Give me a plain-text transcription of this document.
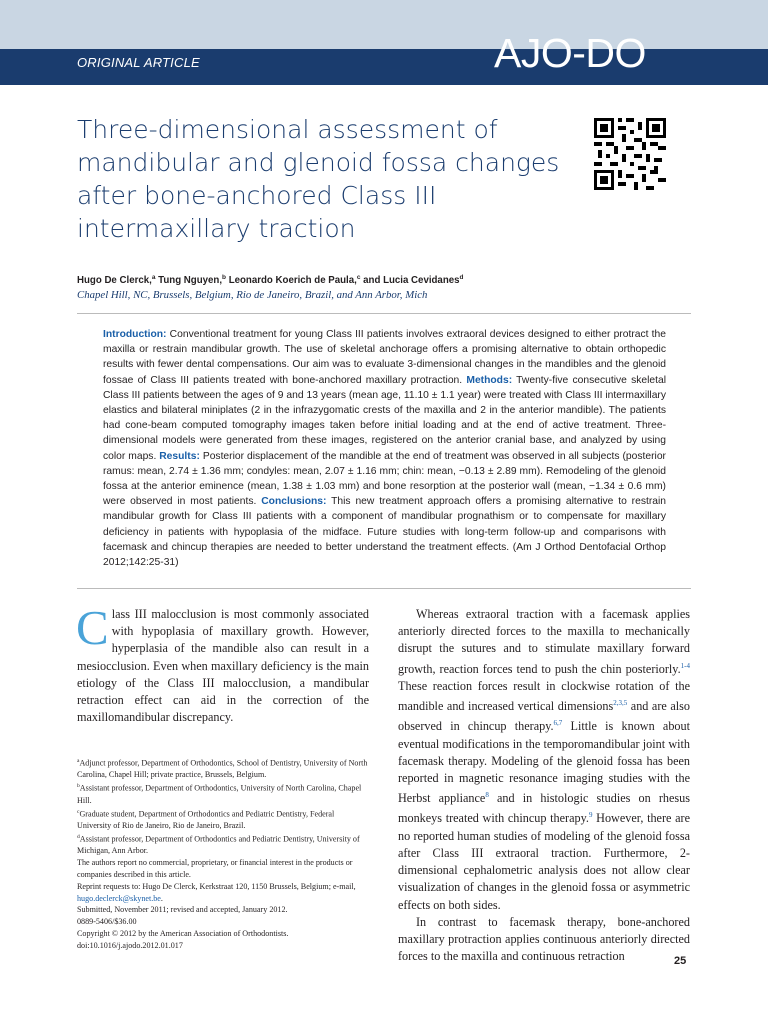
ORIGINAL ARTICLE	AJO-DO
Three-dimensional assessment of mandibular and glenoid fossa changes after bone-anchored Class III intermaxillary traction
Hugo De Clerck,$^a$ Tung Nguyen,$^b$ Leonardo Koerich de Paula,$^c$ and Lucia Cevidanes$^d$
Chapel Hill, NC, Brussels, Belgium, Rio de Janeiro, Brazil, and Ann Arbor, Mich

Introduction: Conventional treatment for young Class III patients involves extraoral devices designed to either protract the maxilla or restrain mandibular growth. The use of skeletal anchorage offers a promising alternative to obtain orthopedic results with fewer dental compensations. Our aim was to evaluate 3-dimensional changes in the mandibles and the glenoid fossae of Class III patients treated with bone-anchored maxillary protraction. Methods: Twenty-five consecutive skeletal Class III patients between the ages of 9 and 13 years (mean age, 11.10 ± 1.1 year) were treated with Class III intermaxillary elastics and bilateral miniplates (2 in the infrazygomatic crests of the maxilla and 2 in the anterior mandible). The patients had cone-beam computed tomography images taken before initial loading and at the end of active treatment. Three-dimensional models were generated from these images, registered on the anterior cranial base, and analyzed by using color maps. Results: Posterior displacement of the mandible at the end of treatment was observed in all subjects (posterior ramus: mean, 2.74 ± 1.36 mm; condyles: mean, 2.07 ± 1.16 mm; chin: mean, −0.13 ± 2.89 mm). Remodeling of the glenoid fossa at the anterior eminence (mean, 1.38 ± 1.03 mm) and bone resorption at the posterior wall (mean, −1.34 ± 0.6 mm) were observed in most patients. Conclusions: This new treatment approach offers a promising alternative to restrain mandibular growth for Class III patients with a component of mandibular prognathism or to compensate for maxillary deficiency in patients with hypoplasia of the midface. Future studies with long-term follow-up and comparisons with facemask and chincup therapies are needed to better understand the treatment effects. (Am J Orthod Dentofacial Orthop 2012;142:25-31)

Class III malocclusion is most commonly associated with hypoplasia of maxillary growth. However, hyperplasia of the mandible also can result in a mesiocclusion. Even when maxillary deficiency is the main etiology of the Class III malocclusion, a mandibular retraction effect can aid in the correction of the maxillomandibular discrepancy.

$^a$Adjunct professor, Department of Orthodontics, School of Dentistry, University of North Carolina, Chapel Hill; private practice, Brussels, Belgium.

$^b$Assistant professor, Department of Orthodontics, University of North Carolina, Chapel Hill.

$^c$Graduate student, Department of Orthodontics and Pediatric Dentistry, Federal University of Rio de Janeiro, Rio de Janeiro, Brazil.

$^d$Assistant professor, Department of Orthodontics and Pediatric Dentistry, University of Michigan, Ann Arbor.

The authors report no commercial, proprietary, or financial interest in the products or companies described in this article.

Reprint requests to: Hugo De Clerck, Kerkstraat 120, 1150 Brussels, Belgium; e-mail, hugo.declerck@skynet.be.

Submitted, November 2011; revised and accepted, January 2012.

0889-5406/$36.00

Copyright © 2012 by the American Association of Orthodontists.

doi:10.1016/j.ajodo.2012.01.017

Whereas extraoral traction with a facemask applies anteriorly directed forces to the maxilla to mechanically disrupt the sutures and to stimulate maxillary forward growth, reaction forces tend to push the chin posteriorly.$^{1-4}$ These reaction forces result in clockwise rotation of the mandible and increased vertical dimensions$^{2,3,5}$ and are also observed in chincup therapy.$^{6,7}$ Little is known about eventual modifications in the temporomandibular joint with facemask therapy. Modeling of the glenoid fossa has been reported in magnetic resonance imaging studies with the Herbst appliance$^8$ and in histologic studies on rhesus monkeys treated with chincup therapy.$^9$ However, there are no reported human studies of modeling of the glenoid fossa after Class III extraoral traction. Furthermore, 2-dimensional cephalometric analysis does not allow clear visualization of changes in the glenoid fossa or asymmetric effects on both sides.

In contrast to facemask therapy, bone-anchored maxillary protraction applies continuous anteriorly directed forces to the maxilla and continuous retraction	25
